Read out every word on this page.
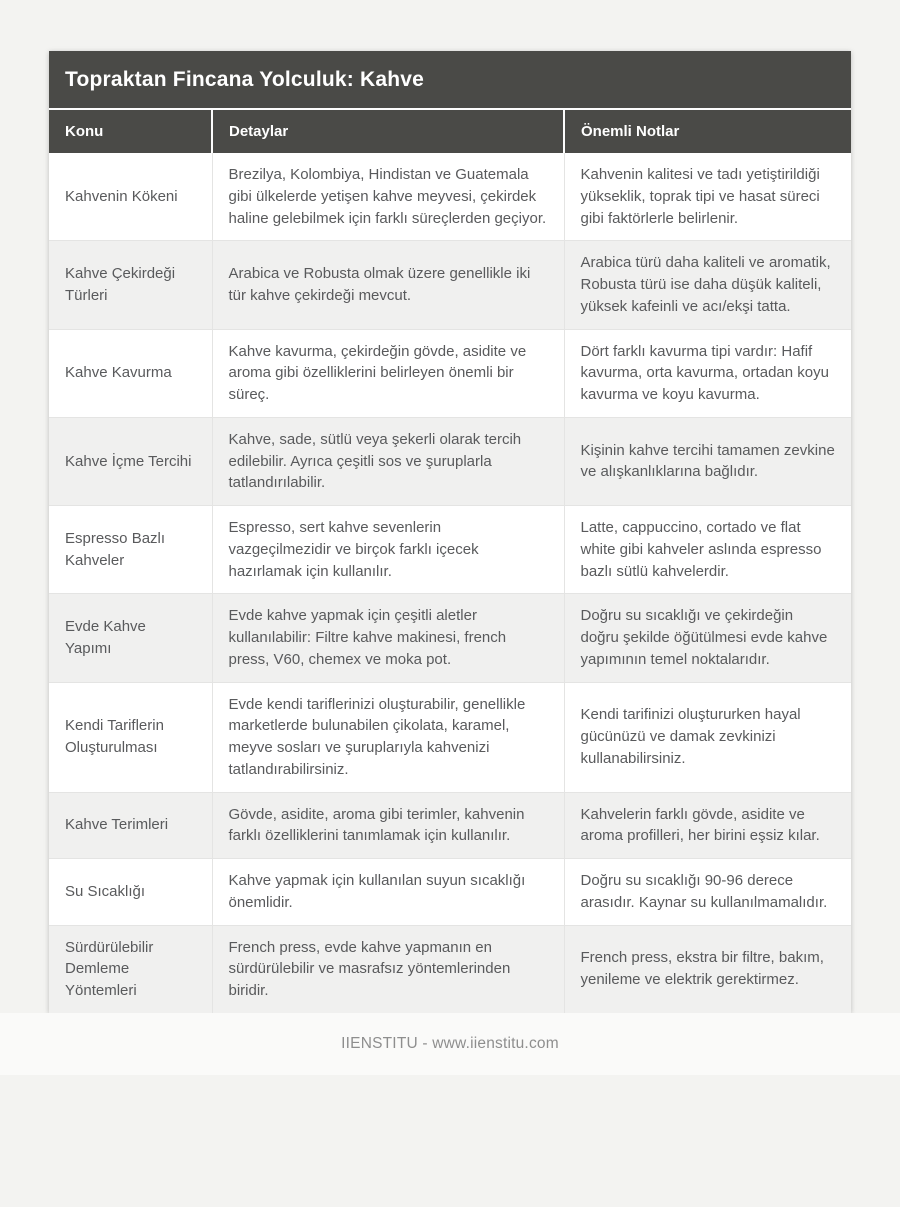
Topraktan Fincana Yolculuk: Kahve
Konu	Detaylar	Önemli Notlar
Kahvenin Kökeni	Brezilya, Kolombiya, Hindistan ve Guatemala gibi ülkelerde yetişen kahve meyvesi, çekirdek haline gelebilmek için farklı süreçlerden geçiyor.	Kahvenin kalitesi ve tadı yetiştirildiği yükseklik, toprak tipi ve hasat süreci gibi faktörlerle belirlenir.
Kahve Çekirdeği Türleri	Arabica ve Robusta olmak üzere genellikle iki tür kahve çekirdeği mevcut.	Arabica türü daha kaliteli ve aromatik, Robusta türü ise daha düşük kaliteli, yüksek kafeinli ve acı/ekşi tatta.
Kahve Kavurma	Kahve kavurma, çekirdeğin gövde, asidite ve aroma gibi özelliklerini belirleyen önemli bir süreç.	Dört farklı kavurma tipi vardır: Hafif kavurma, orta kavurma, ortadan koyu kavurma ve koyu kavurma.
Kahve İçme Tercihi	Kahve, sade, sütlü veya şekerli olarak tercih edilebilir. Ayrıca çeşitli sos ve şuruplarla tatlandırılabilir.	Kişinin kahve tercihi tamamen zevkine ve alışkanlıklarına bağlıdır.
Espresso Bazlı Kahveler	Espresso, sert kahve sevenlerin vazgeçilmezidir ve birçok farklı içecek hazırlamak için kullanılır.	Latte, cappuccino, cortado ve flat white gibi kahveler aslında espresso bazlı sütlü kahvelerdir.
Evde Kahve Yapımı	Evde kahve yapmak için çeşitli aletler kullanılabilir: Filtre kahve makinesi, french press, V60, chemex ve moka pot.	Doğru su sıcaklığı ve çekirdeğin doğru şekilde öğütülmesi evde kahve yapımının temel noktalarıdır.
Kendi Tariflerin Oluşturulması	Evde kendi tariflerinizi oluşturabilir, genellikle marketlerde bulunabilen çikolata, karamel, meyve sosları ve şuruplarıyla kahvenizi tatlandırabilirsiniz.	Kendi tarifinizi oluştururken hayal gücünüzü ve damak zevkinizi kullanabilirsiniz.
Kahve Terimleri	Gövde, asidite, aroma gibi terimler, kahvenin farklı özelliklerini tanımlamak için kullanılır.	Kahvelerin farklı gövde, asidite ve aroma profilleri, her birini eşsiz kılar.
Su Sıcaklığı	Kahve yapmak için kullanılan suyun sıcaklığı önemlidir.	Doğru su sıcaklığı 90-96 derece arasıdır. Kaynar su kullanılmamalıdır.
Sürdürülebilir Demleme Yöntemleri	French press, evde kahve yapmanın en sürdürülebilir ve masrafsız yöntemlerinden biridir.	French press, ekstra bir filtre, bakım, yenileme ve elektrik gerektirmez.
IIENSTITU - www.iienstitu.com
